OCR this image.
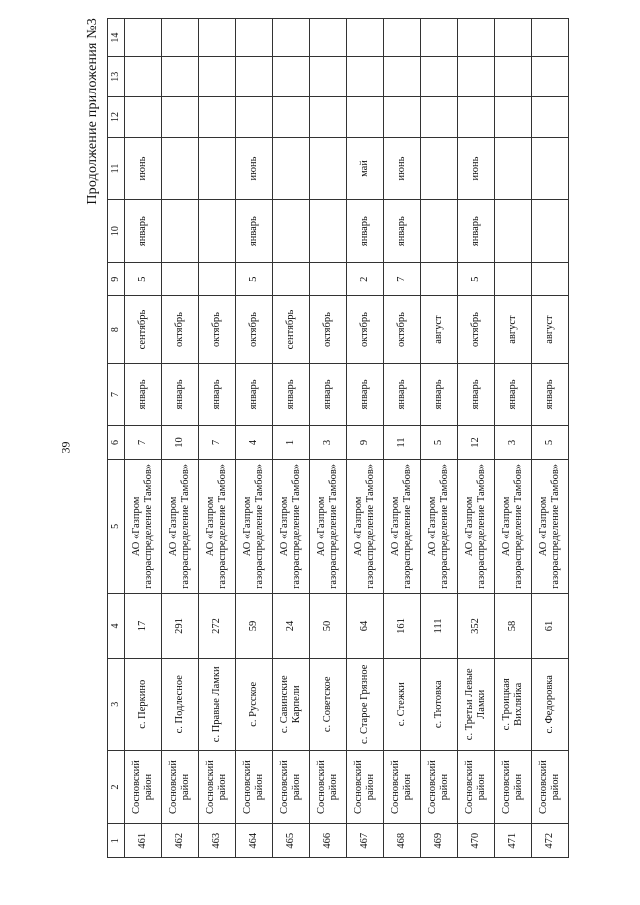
39
Продолжение приложения №3
1	2	3	4	5	6	7	8	9	10	11	12	13	14
461	Сосновский район	с. Перкино	17	АО «Газпром газораспределение Тамбов»	7	январь	сентябрь	5	январь	июнь			
462	Сосновский район	с. Подлесное	291	АО «Газпром газораспределение Тамбов»	10	январь	октябрь						
463	Сосновский район	с. Правые Ламки	272	АО «Газпром газораспределение Тамбов»	7	январь	октябрь						
464	Сосновский район	с. Русское	59	АО «Газпром газораспределение Тамбов»	4	январь	октябрь	5	январь	июнь			
465	Сосновский район	с. Савинские Карпели	24	АО «Газпром газораспределение Тамбов»	1	январь	сентябрь						
466	Сосновский район	с. Советское	50	АО «Газпром газораспределение Тамбов»	3	январь	октябрь						
467	Сосновский район	с. Старое Грязное	64	АО «Газпром газораспределение Тамбов»	9	январь	октябрь	2	январь	май			
468	Сосновский район	с. Стежки	161	АО «Газпром газораспределение Тамбов»	11	январь	октябрь	7	январь	июнь			
469	Сосновский район	с. Тютовка	111	АО «Газпром газораспределение Тамбов»	5	январь	август						
470	Сосновский район	с. Третьи Левые Ламки	352	АО «Газпром газораспределение Тамбов»	12	январь	октябрь	5	январь	июнь			
471	Сосновский район	с. Троицкая Вихляйка	58	АО «Газпром газораспределение Тамбов»	3	январь	август						
472	Сосновский район	с. Федоровка	61	АО «Газпром газораспределение Тамбов»	5	январь	август						
